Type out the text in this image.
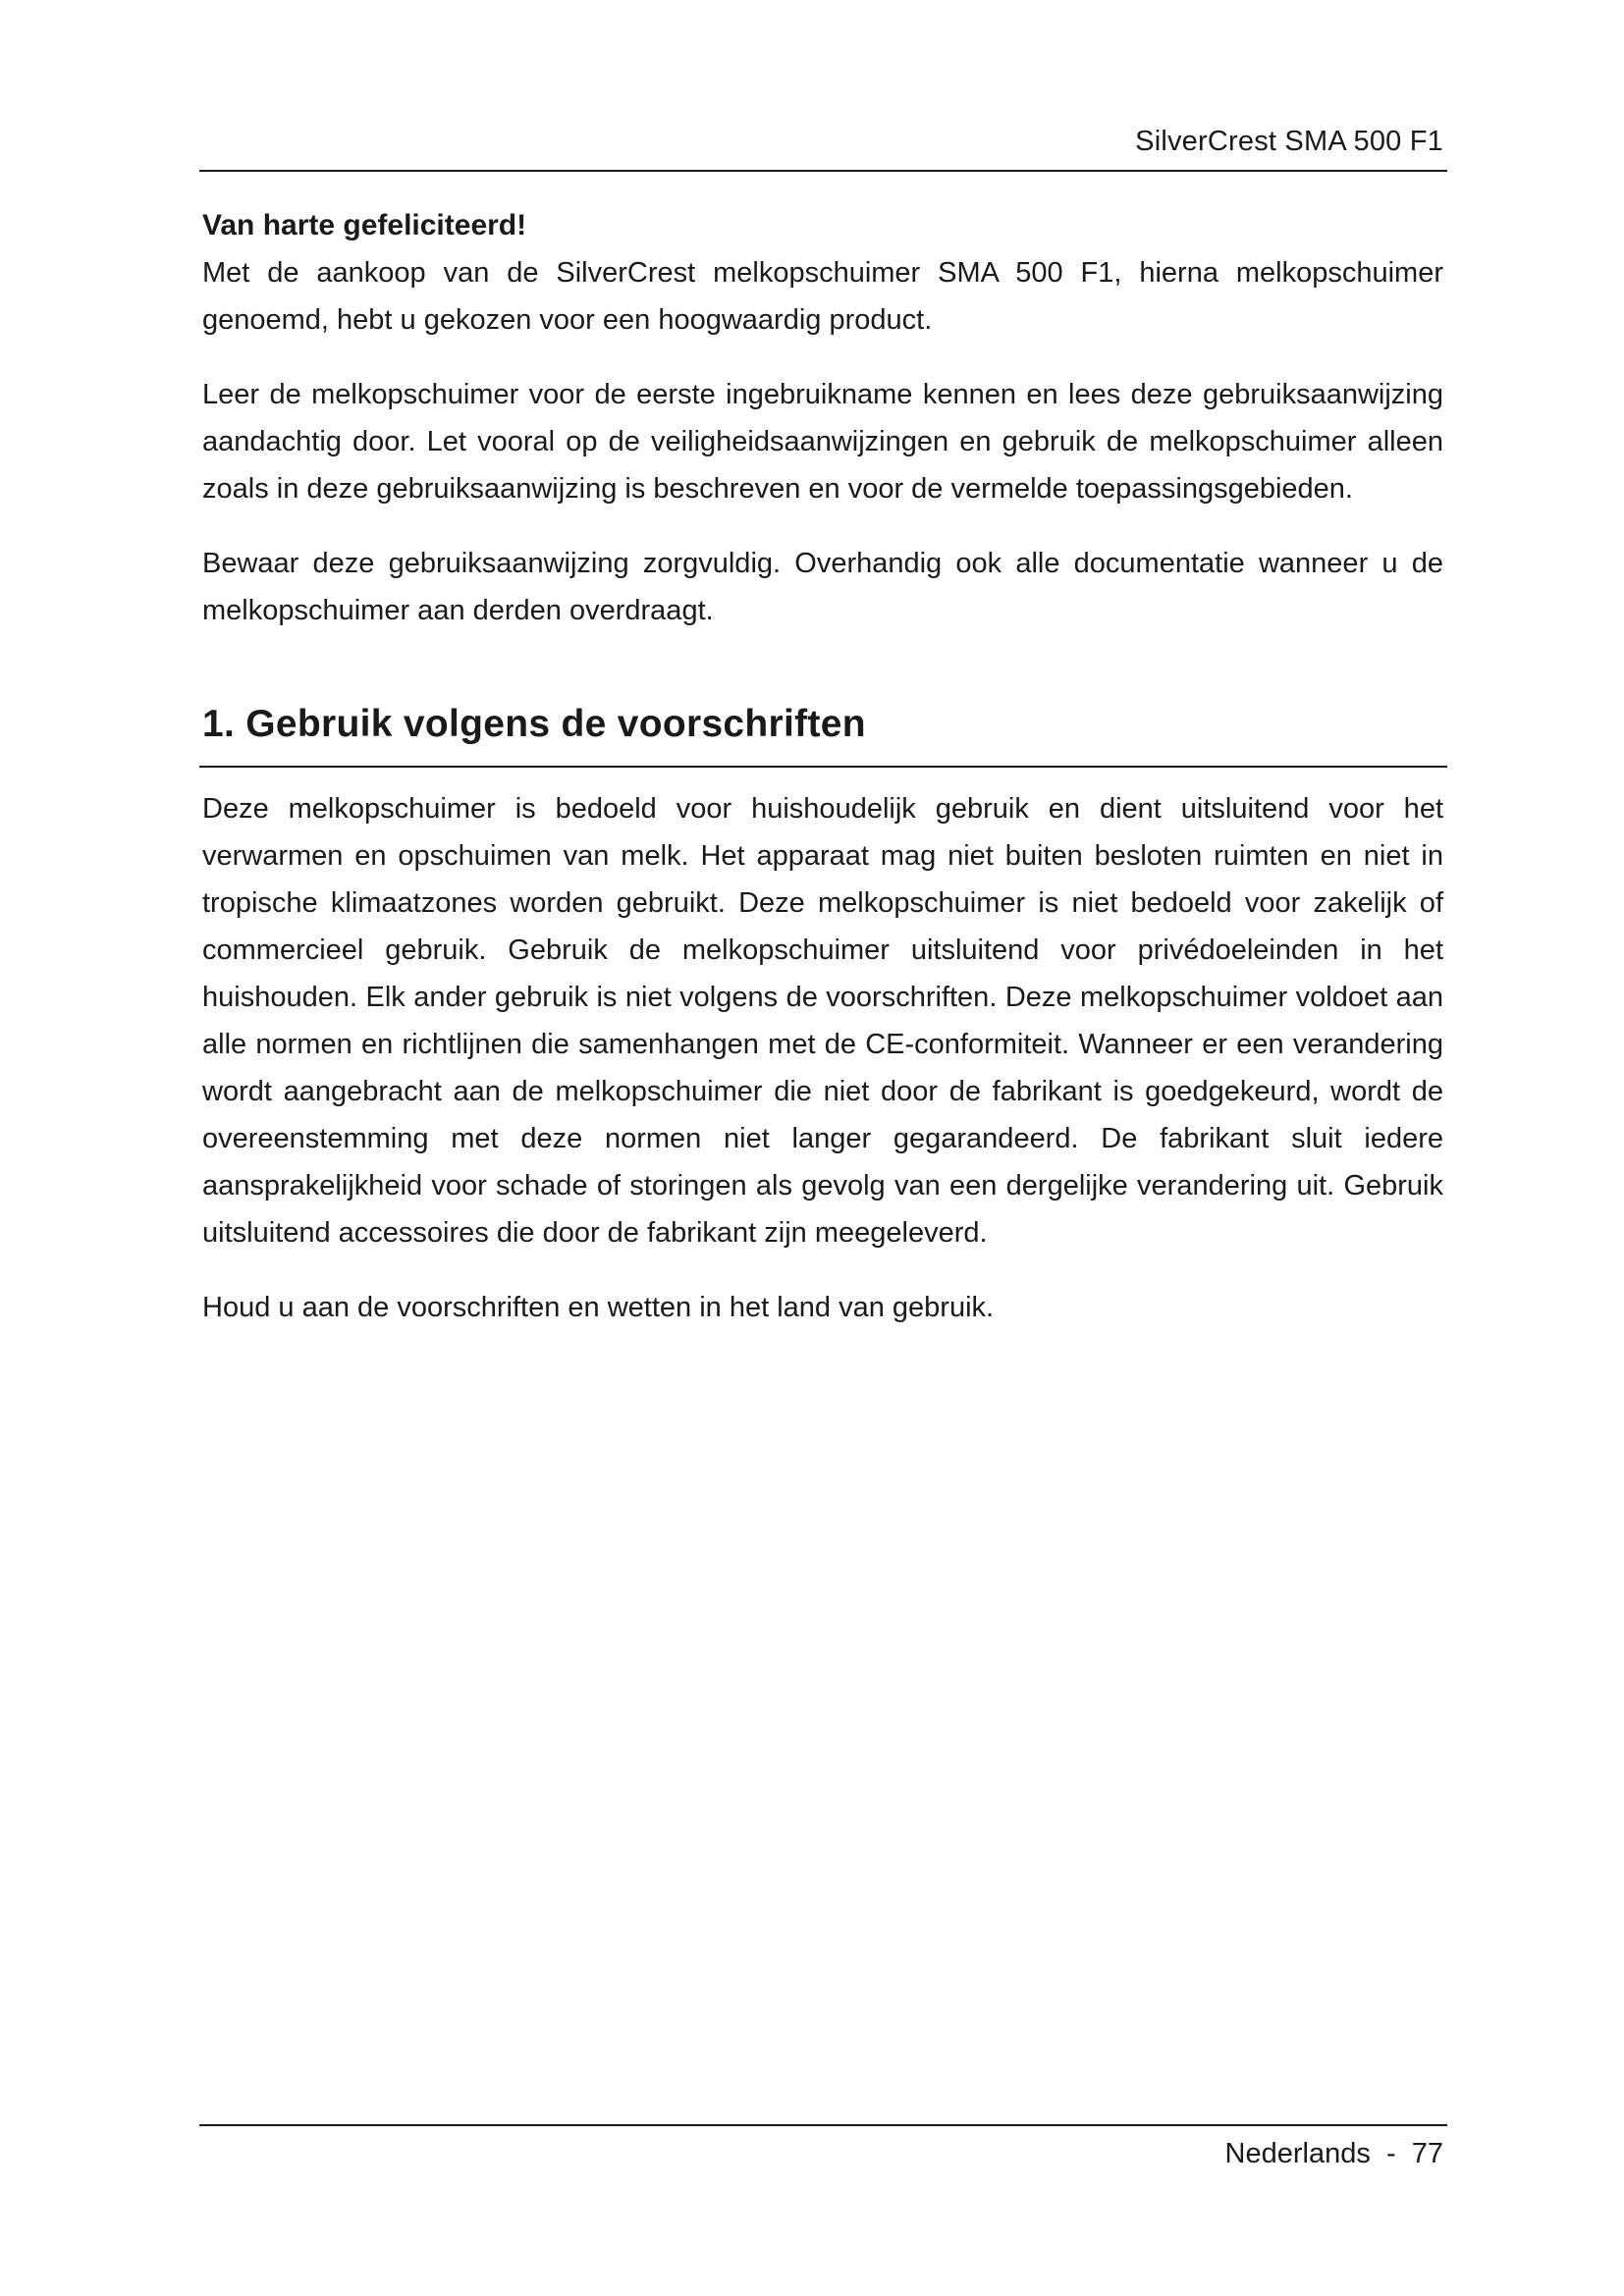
SilverCrest SMA 500 F1
Van harte gefeliciteerd!

Met de aankoop van de SilverCrest melkopschuimer SMA 500 F1, hierna melkopschuimer genoemd, hebt u gekozen voor een hoogwaardig product.

Leer de melkopschuimer voor de eerste ingebruikname kennen en lees deze gebruiksaanwijzing aandachtig door. Let vooral op de veiligheidsaanwijzingen en gebruik de melkopschuimer alleen zoals in deze gebruiksaanwijzing is beschreven en voor de vermelde toepassingsgebieden.

Bewaar deze gebruiksaanwijzing zorgvuldig. Overhandig ook alle documentatie wanneer u de melkopschuimer aan derden overdraagt.

1. Gebruik volgens de voorschriften

Deze melkopschuimer is bedoeld voor huishoudelijk gebruik en dient uitsluitend voor het verwarmen en opschuimen van melk. Het apparaat mag niet buiten besloten ruimten en niet in tropische klimaatzones worden gebruikt. Deze melkopschuimer is niet bedoeld voor zakelijk of commercieel gebruik. Gebruik de melkopschuimer uitsluitend voor privédoeleinden in het huishouden. Elk ander gebruik is niet volgens de voorschriften. Deze melkopschuimer voldoet aan alle normen en richtlijnen die samenhangen met de CE-conformiteit. Wanneer er een verandering wordt aangebracht aan de melkopschuimer die niet door de fabrikant is goedgekeurd, wordt de overeenstemming met deze normen niet langer gegarandeerd. De fabrikant sluit iedere aansprakelijkheid voor schade of storingen als gevolg van een dergelijke verandering uit. Gebruik uitsluitend accessoires die door de fabrikant zijn meegeleverd.

Houd u aan de voorschriften en wetten in het land van gebruik.

Nederlands  -  77
